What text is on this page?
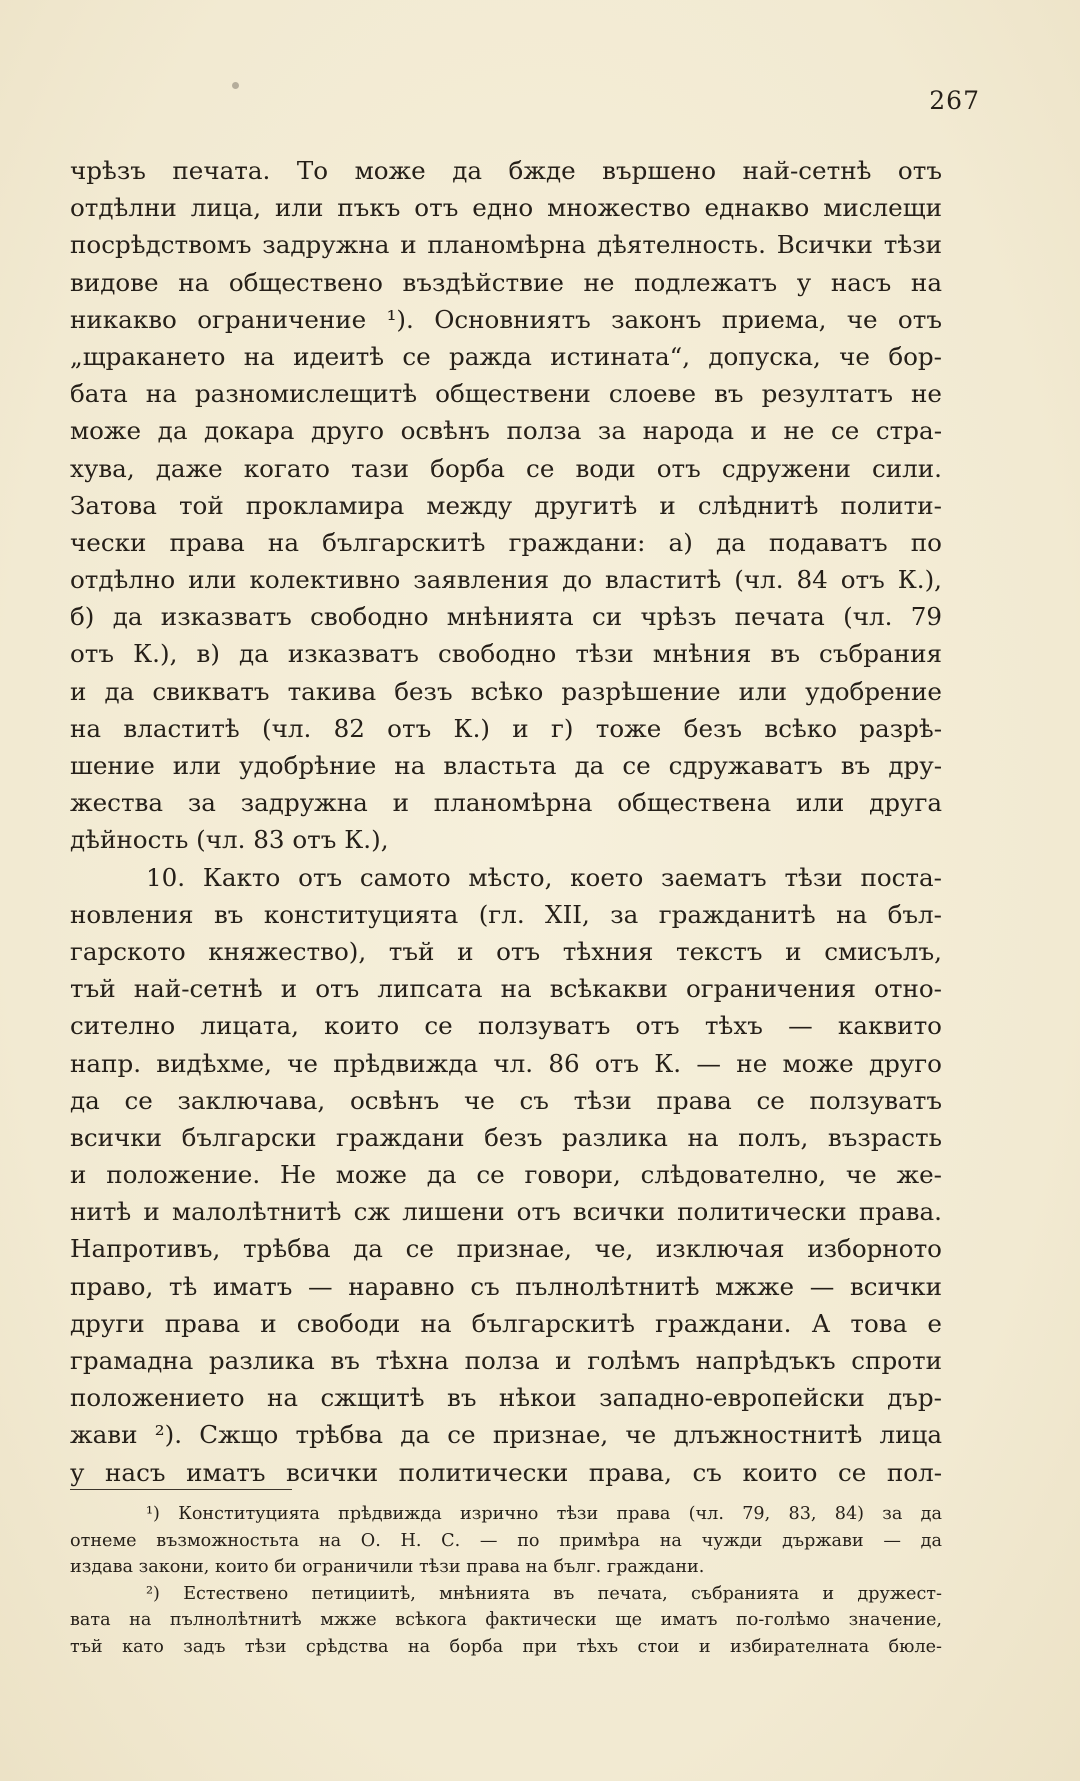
267
чрѣзъ печата. То може да бжде вършено най-сетнѣ отъ
отдѣлни лица, или пъкъ отъ едно множество еднакво мислещи
посрѣдствомъ задружна и планомѣрна дѣятелность. Всички тѣзи
видове на обществено въздѣйствие не подлежатъ у насъ на
никакво ограничение ¹). Основниятъ законъ приема, че отъ
„щракането на идеитѣ се ражда истината“, допуска, че бор-
бата на разномислещитѣ обществени слоеве въ резултатъ не
може да докара друго освѣнъ полза за народа и не се стра-
хува, даже когато тази борба се води отъ сдружени сили.
Затова той прокламира между другитѣ и слѣднитѣ полити-
чески права на българскитѣ граждани: а) да подаватъ по
отдѣлно или колективно заявления до властитѣ (чл. 84 отъ К.),
б) да изказватъ свободно мнѣнията си чрѣзъ печата (чл. 79
отъ К.), в) да изказватъ свободно тѣзи мнѣния въ събрания
и да свикватъ такива безъ всѣко разрѣшение или удобрение
на властитѣ (чл. 82 отъ К.) и г) тоже безъ всѣко разрѣ-
шение или удобрѣние на властьта да се сдружаватъ въ дру-
жества за задружна и планомѣрна обществена или друга
дѣйность (чл. 83 отъ К.),
10. Както отъ самото мѣсто, което заематъ тѣзи поста-
новления въ конституцията (гл. XII, за гражданитѣ на бъл-
гарското княжество), тъй и отъ тѣхния текстъ и смисълъ,
тъй най-сетнѣ и отъ липсата на всѣкакви ограничения отно-
сително лицата, които се ползуватъ отъ тѣхъ — каквито
напр. видѣхме, че прѣдвижда чл. 86 отъ К. — не може друго
да се заключава, освѣнъ че съ тѣзи права се ползуватъ
всички български граждани безъ разлика на полъ, възрасть
и положение. Не може да се говори, слѣдователно, че же-
нитѣ и малолѣтнитѣ сж лишени отъ всички политически права.
Напротивъ, трѣбва да се признае, че, изключая изборното
право, тѣ иматъ — наравно съ пълнолѣтнитѣ мжже — всички
други права и свободи на българскитѣ граждани. А това е
грамадна разлика въ тѣхна полза и голѣмъ напрѣдъкъ спроти
положението на сжщитѣ въ нѣкои западно-европейски дър-
жави ²). Сжщо трѣбва да се признае, че длъжностнитѣ лица
у насъ иматъ всички политически права, съ които се пол-
¹) Конституцията прѣдвижда изрично тѣзи права (чл. 79, 83, 84) за да
отнеме възможностьта на О. Н. С. — по примѣра на чужди държави — да
издава закони, които би ограничили тѣзи права на бълг. граждани.
²) Естествено петициитѣ, мнѣнията въ печата, събранията и дружест-
вата на пълнолѣтнитѣ мжже всѣкога фактически ще иматъ по-голѣмо значение,
тъй като задъ тѣзи срѣдства на борба при тѣхъ стои и избирателната бюле-
